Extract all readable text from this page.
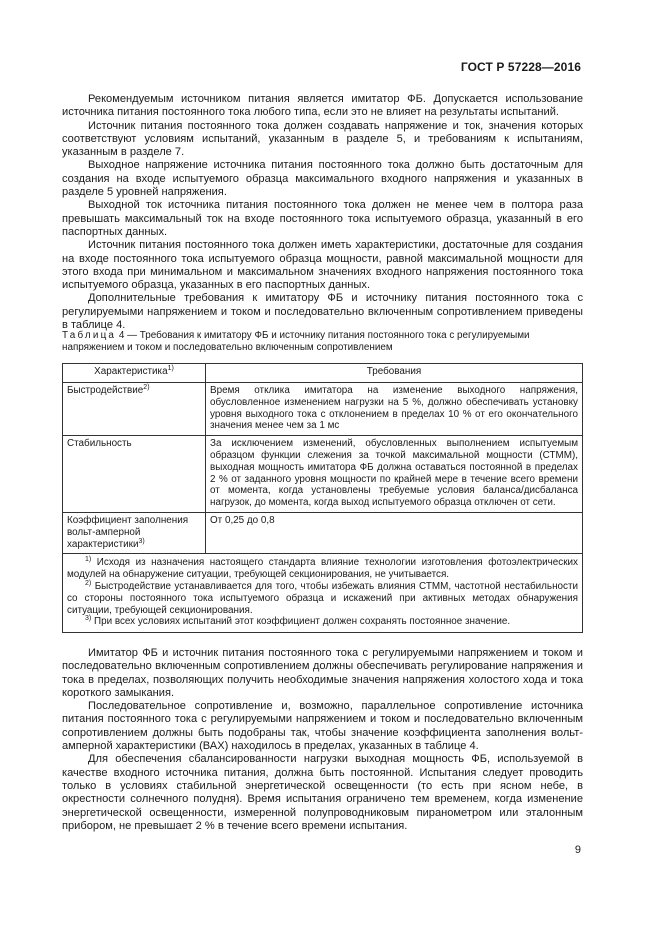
ГОСТ Р 57228—2016

Рекомендуемым источником питания является имитатор ФБ. Допускается использование источника питания постоянного тока любого типа, если это не влияет на результаты испытаний.

Источник питания постоянного тока должен создавать напряжение и ток, значения которых соответствуют условиям испытаний, указанным в разделе 5, и требованиям к испытаниям, указанным в разделе 7.

Выходное напряжение источника питания постоянного тока должно быть достаточным для создания на входе испытуемого образца максимального входного напряжения и указанных в разделе 5 уровней напряжения.

Выходной ток источника питания постоянного тока должен не менее чем в полтора раза превышать максимальный ток на входе постоянного тока испытуемого образца, указанный в его паспортных данных.

Источник питания постоянного тока должен иметь характеристики, достаточные для создания на входе постоянного тока испытуемого образца мощности, равной максимальной мощности для этого входа при минимальном и максимальном значениях входного напряжения постоянного тока испытуемого образца, указанных в его паспортных данных.

Дополнительные требования к имитатору ФБ и источнику питания постоянного тока с регулируемыми напряжением и током и последовательно включенным сопротивлением приведены в таблице 4.

Таблица 4 — Требования к имитатору ФБ и источнику питания постоянного тока с регулируемыми напряжением и током и последовательно включенным сопротивлением
Характеристика$^{1)}$	Требования
Быстродействие$^{2)}$	Время отклика имитатора на изменение выходного напряжения, обусловленное изменением нагрузки на 5 %, должно обеспечивать установку уровня выходного тока с отклонением в пределах 10 % от его окончательного значения менее чем за 1 мс
Стабильность	За исключением изменений, обусловленных выполнением испытуемым образцом функции слежения за точкой максимальной мощности (СТММ), выходная мощность имитатора ФБ должна оставаться постоянной в пределах 2 % от заданного уровня мощности по крайней мере в течение всего времени от момента, когда установлены требуемые условия баланса/дисбаланса нагрузок, до момента, когда выход испытуемого образца отключен от сети.
Коэффициент заполнения вольт-амперной характеристики$^{3)}$	От 0,25 до 0,8

$^{1)}$ Исходя из назначения настоящего стандарта влияние технологии изготовления фотоэлектрических модулей на обнаружение ситуации, требующей секционирования, не учитывается.

$^{2)}$ Быстродействие устанавливается для того, чтобы избежать влияния СТММ, частотной нестабильности со стороны постоянного тока испытуемого образца и искажений при активных методах обнаружения ситуации, требующей секционирования.

$^{3)}$ При всех условиях испытаний этот коэффициент должен сохранять постоянное значение.	

Имитатор ФБ и источник питания постоянного тока с регулируемыми напряжением и током и последовательно включенным сопротивлением должны обеспечивать регулирование напряжения и тока в пределах, позволяющих получить необходимые значения напряжения холостого хода и тока короткого замыкания.

Последовательное сопротивление и, возможно, параллельное сопротивление источника питания постоянного тока с регулируемыми напряжением и током и последовательно включенным сопротивлением должны быть подобраны так, чтобы значение коэффициента заполнения вольт-амперной характеристики (ВАХ) находилось в пределах, указанных в таблице 4.

Для обеспечения сбалансированности нагрузки выходная мощность ФБ, используемой в качестве входного источника питания, должна быть постоянной. Испытания следует проводить только в условиях стабильной энергетической освещенности (то есть при ясном небе, в окрестности солнечного полудня). Время испытания ограничено тем временем, когда изменение энергетической освещенности, измеренной полупроводниковым пиранометром или эталонным прибором, не превышает 2 % в течение всего времени испытания.

9
